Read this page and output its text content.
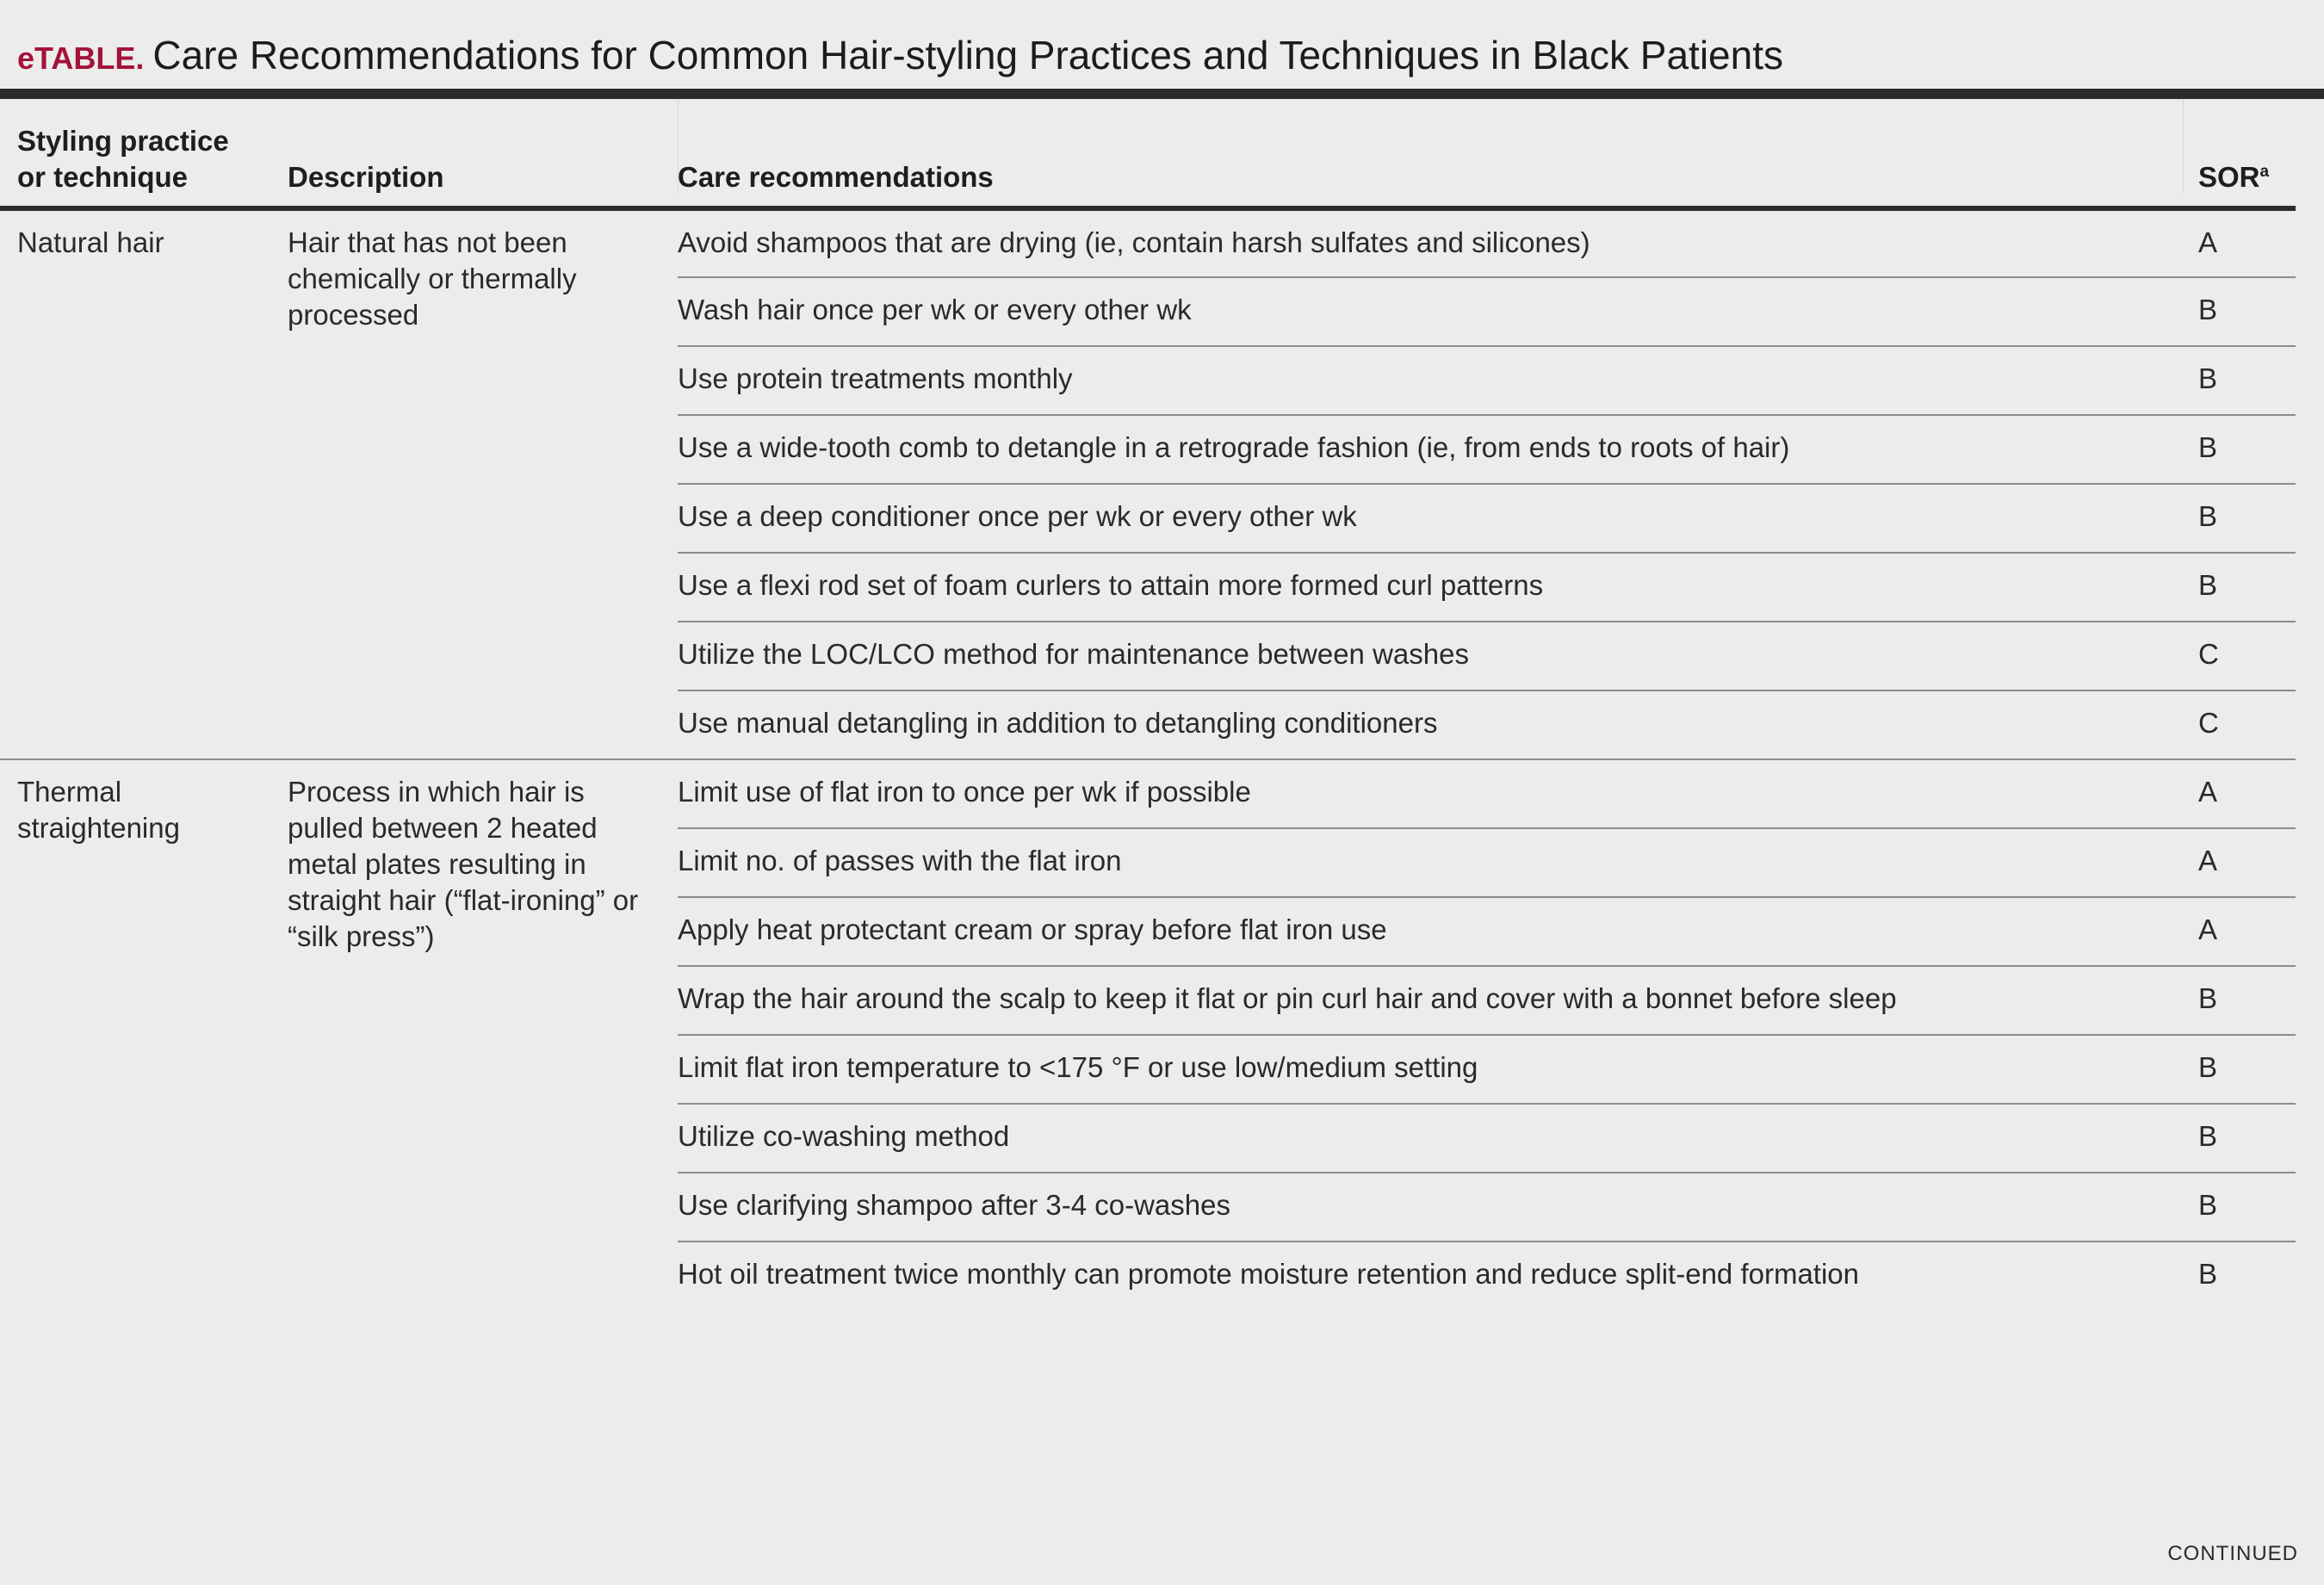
eTABLE. Care Recommendations for Common Hair-styling Practices and Techniques in Black Patients
Styling practice
or technique	Description	Care recommendations	SOR$^a$
Natural hair	Hair that has not been chemically or thermally processed	Avoid shampoos that are drying (ie, contain harsh sulfates and silicones)	A
		Wash hair once per wk or every other wk	B
		Use protein treatments monthly	B
		Use a wide-tooth comb to detangle in a retrograde fashion (ie, from ends to roots of hair)	B
		Use a deep conditioner once per wk or every other wk	B
		Use a flexi rod set of foam curlers to attain more formed curl patterns	B
		Utilize the LOC/LCO method for maintenance between washes	C
		Use manual detangling in addition to detangling conditioners	C
Thermal straightening	Process in which hair is pulled between 2 heated metal plates resulting in straight hair (“flat-ironing” or “silk press”)	Limit use of flat iron to once per wk if possible	A
		Limit no. of passes with the flat iron	A
		Apply heat protectant cream or spray before flat iron use	A
		Wrap the hair around the scalp to keep it flat or pin curl hair and cover with a bonnet before sleep	B
		Limit flat iron temperature to <175 °F or use low/medium setting	B
		Utilize co-washing method	B
		Use clarifying shampoo after 3-4 co-washes	B
		Hot oil treatment twice monthly can promote moisture retention and reduce split-end formation	B
CONTINUED
